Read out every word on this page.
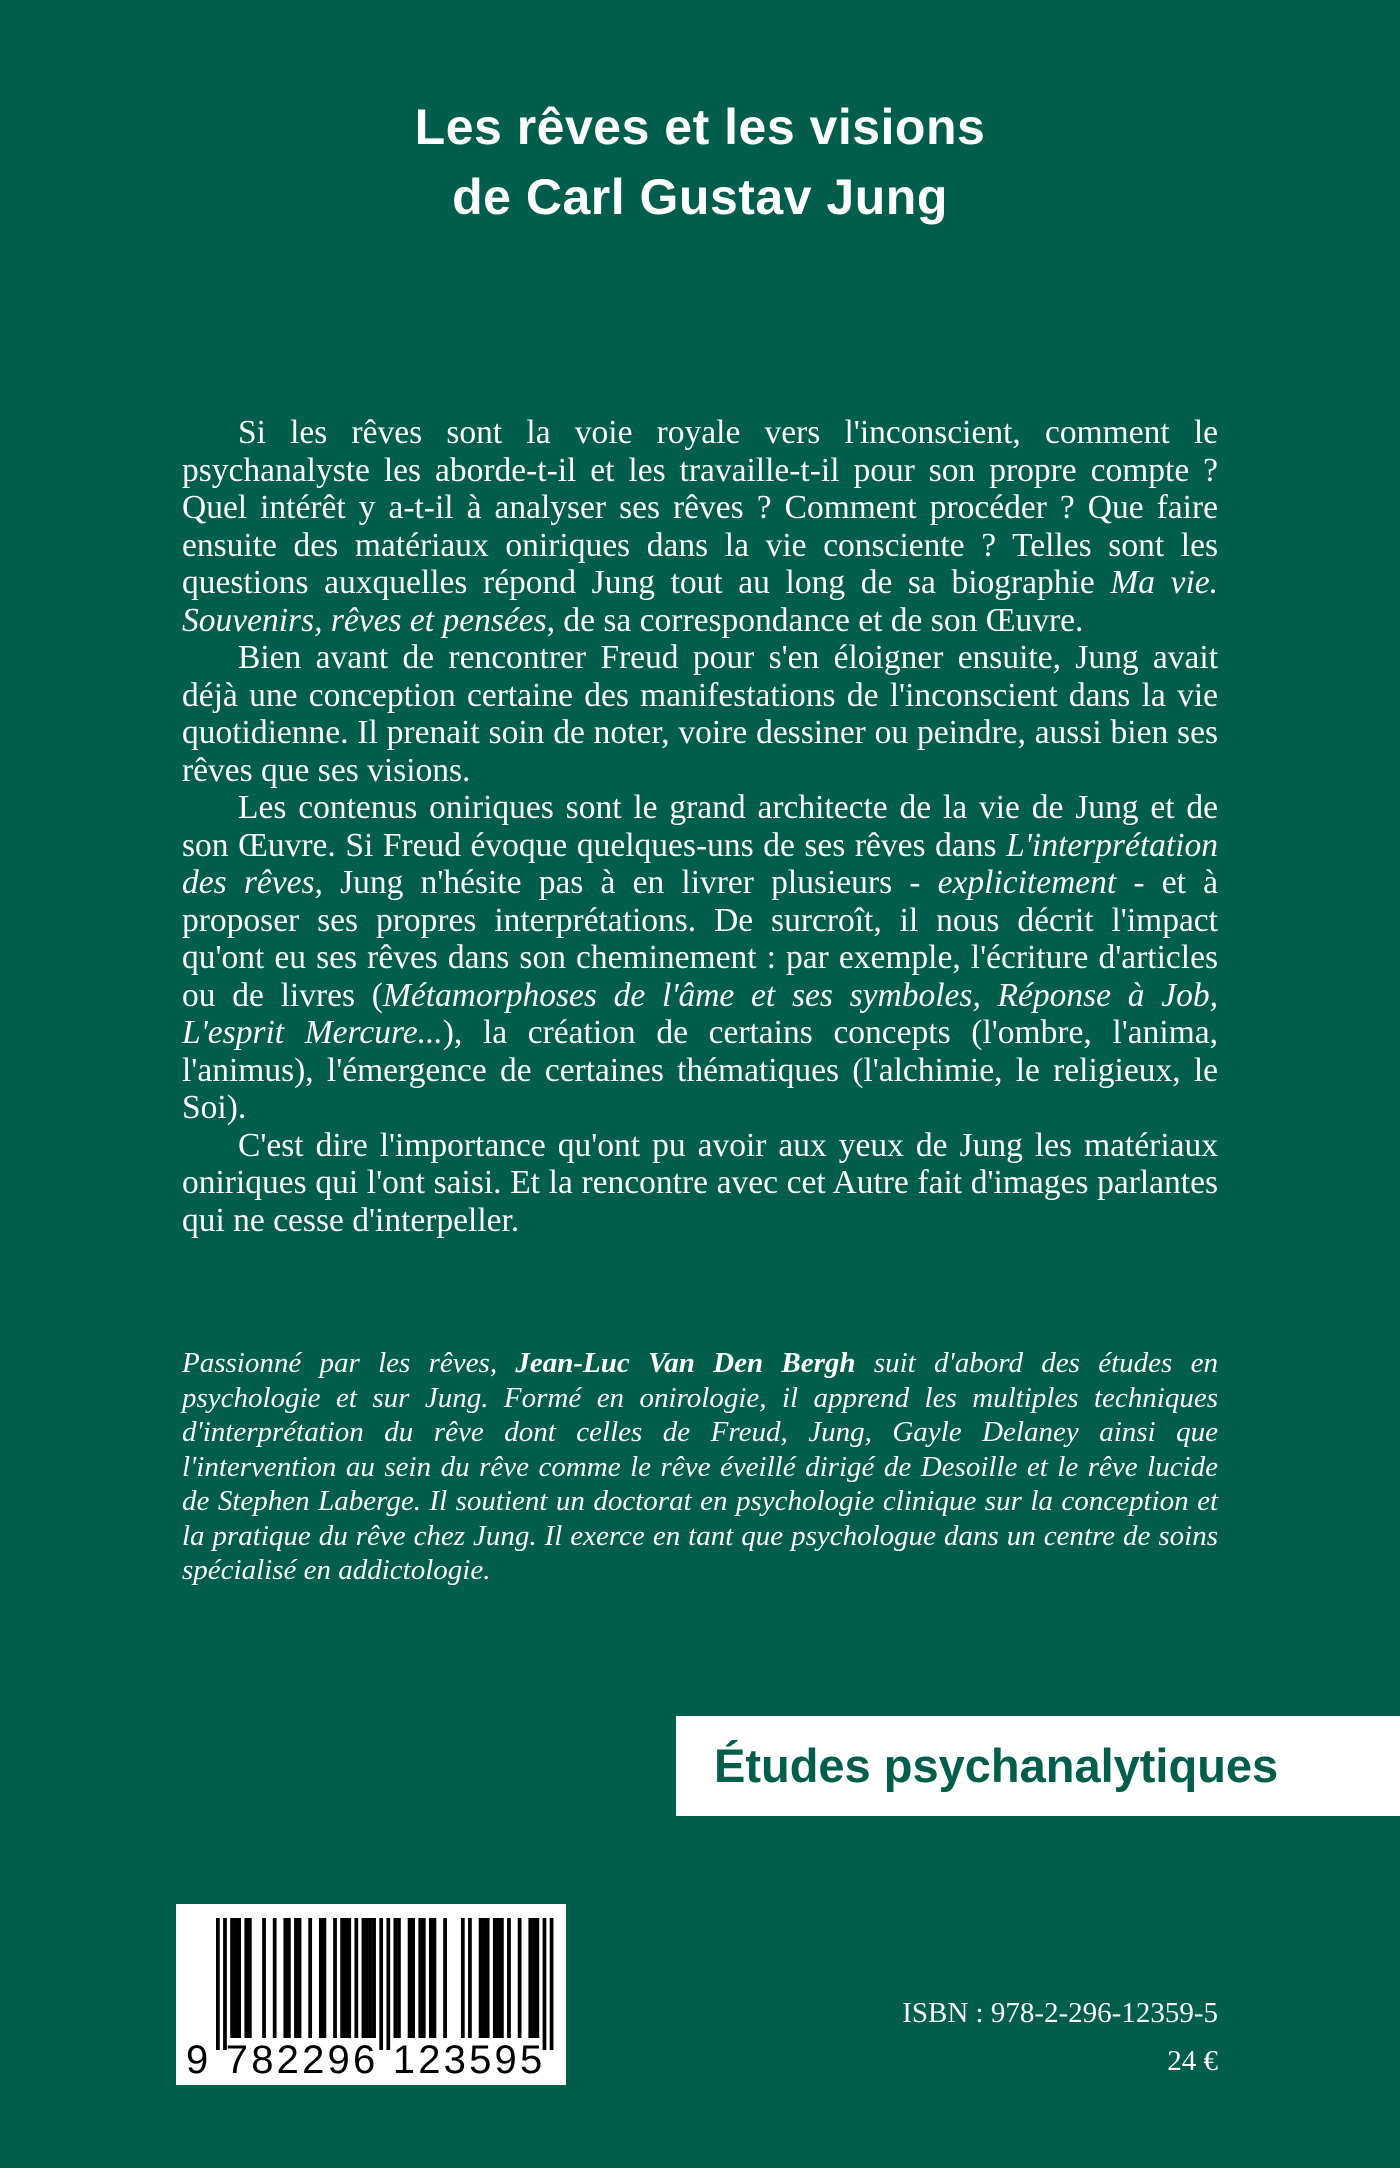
Les rêves et les visions
de Carl Gustav Jung

Si les rêves sont la voie royale vers l'inconscient, comment le psychanalyste les aborde-t-il et les travaille-t-il pour son propre compte ? Quel intérêt y a-t-il à analyser ses rêves ? Comment procéder ? Que faire ensuite des matériaux oniriques dans la vie consciente ? Telles sont les questions auxquelles répond Jung tout au long de sa biographie Ma vie. Souvenirs, rêves et pensées, de sa correspondance et de son Œuvre.

Bien avant de rencontrer Freud pour s'en éloigner ensuite, Jung avait déjà une conception certaine des manifestations de l'inconscient dans la vie quotidienne. Il prenait soin de noter, voire dessiner ou peindre, aussi bien ses rêves que ses visions.

Les contenus oniriques sont le grand architecte de la vie de Jung et de son Œuvre. Si Freud évoque quelques-uns de ses rêves dans L'interprétation des rêves, Jung n'hésite pas à en livrer plusieurs - explicitement - et à proposer ses propres interprétations. De surcroît, il nous décrit l'impact qu'ont eu ses rêves dans son cheminement : par exemple, l'écriture d'articles ou de livres (Métamorphoses de l'âme et ses symboles, Réponse à Job, L'esprit Mercure...), la création de certains concepts (l'ombre, l'anima, l'animus), l'émergence de certaines thématiques (l'alchimie, le religieux, le Soi).

C'est dire l'importance qu'ont pu avoir aux yeux de Jung les matériaux oniriques qui l'ont saisi. Et la rencontre avec cet Autre fait d'images parlantes qui ne cesse d'interpeller.

Passionné par les rêves, Jean-Luc Van Den Bergh suit d'abord des études en psychologie et sur Jung. Formé en onirologie, il apprend les multiples techniques d'interprétation du rêve dont celles de Freud, Jung, Gayle Delaney ainsi que l'intervention au sein du rêve comme le rêve éveillé dirigé de Desoille et le rêve lucide de Stephen Laberge. Il soutient un doctorat en psychologie clinique sur la conception et la pratique du rêve chez Jung. Il exerce en tant que psychologue dans un centre de soins spécialisé en addictologie.

Études psychanalytiques
9 782296 123595
ISBN : 978-2-296-12359-5
24 €
